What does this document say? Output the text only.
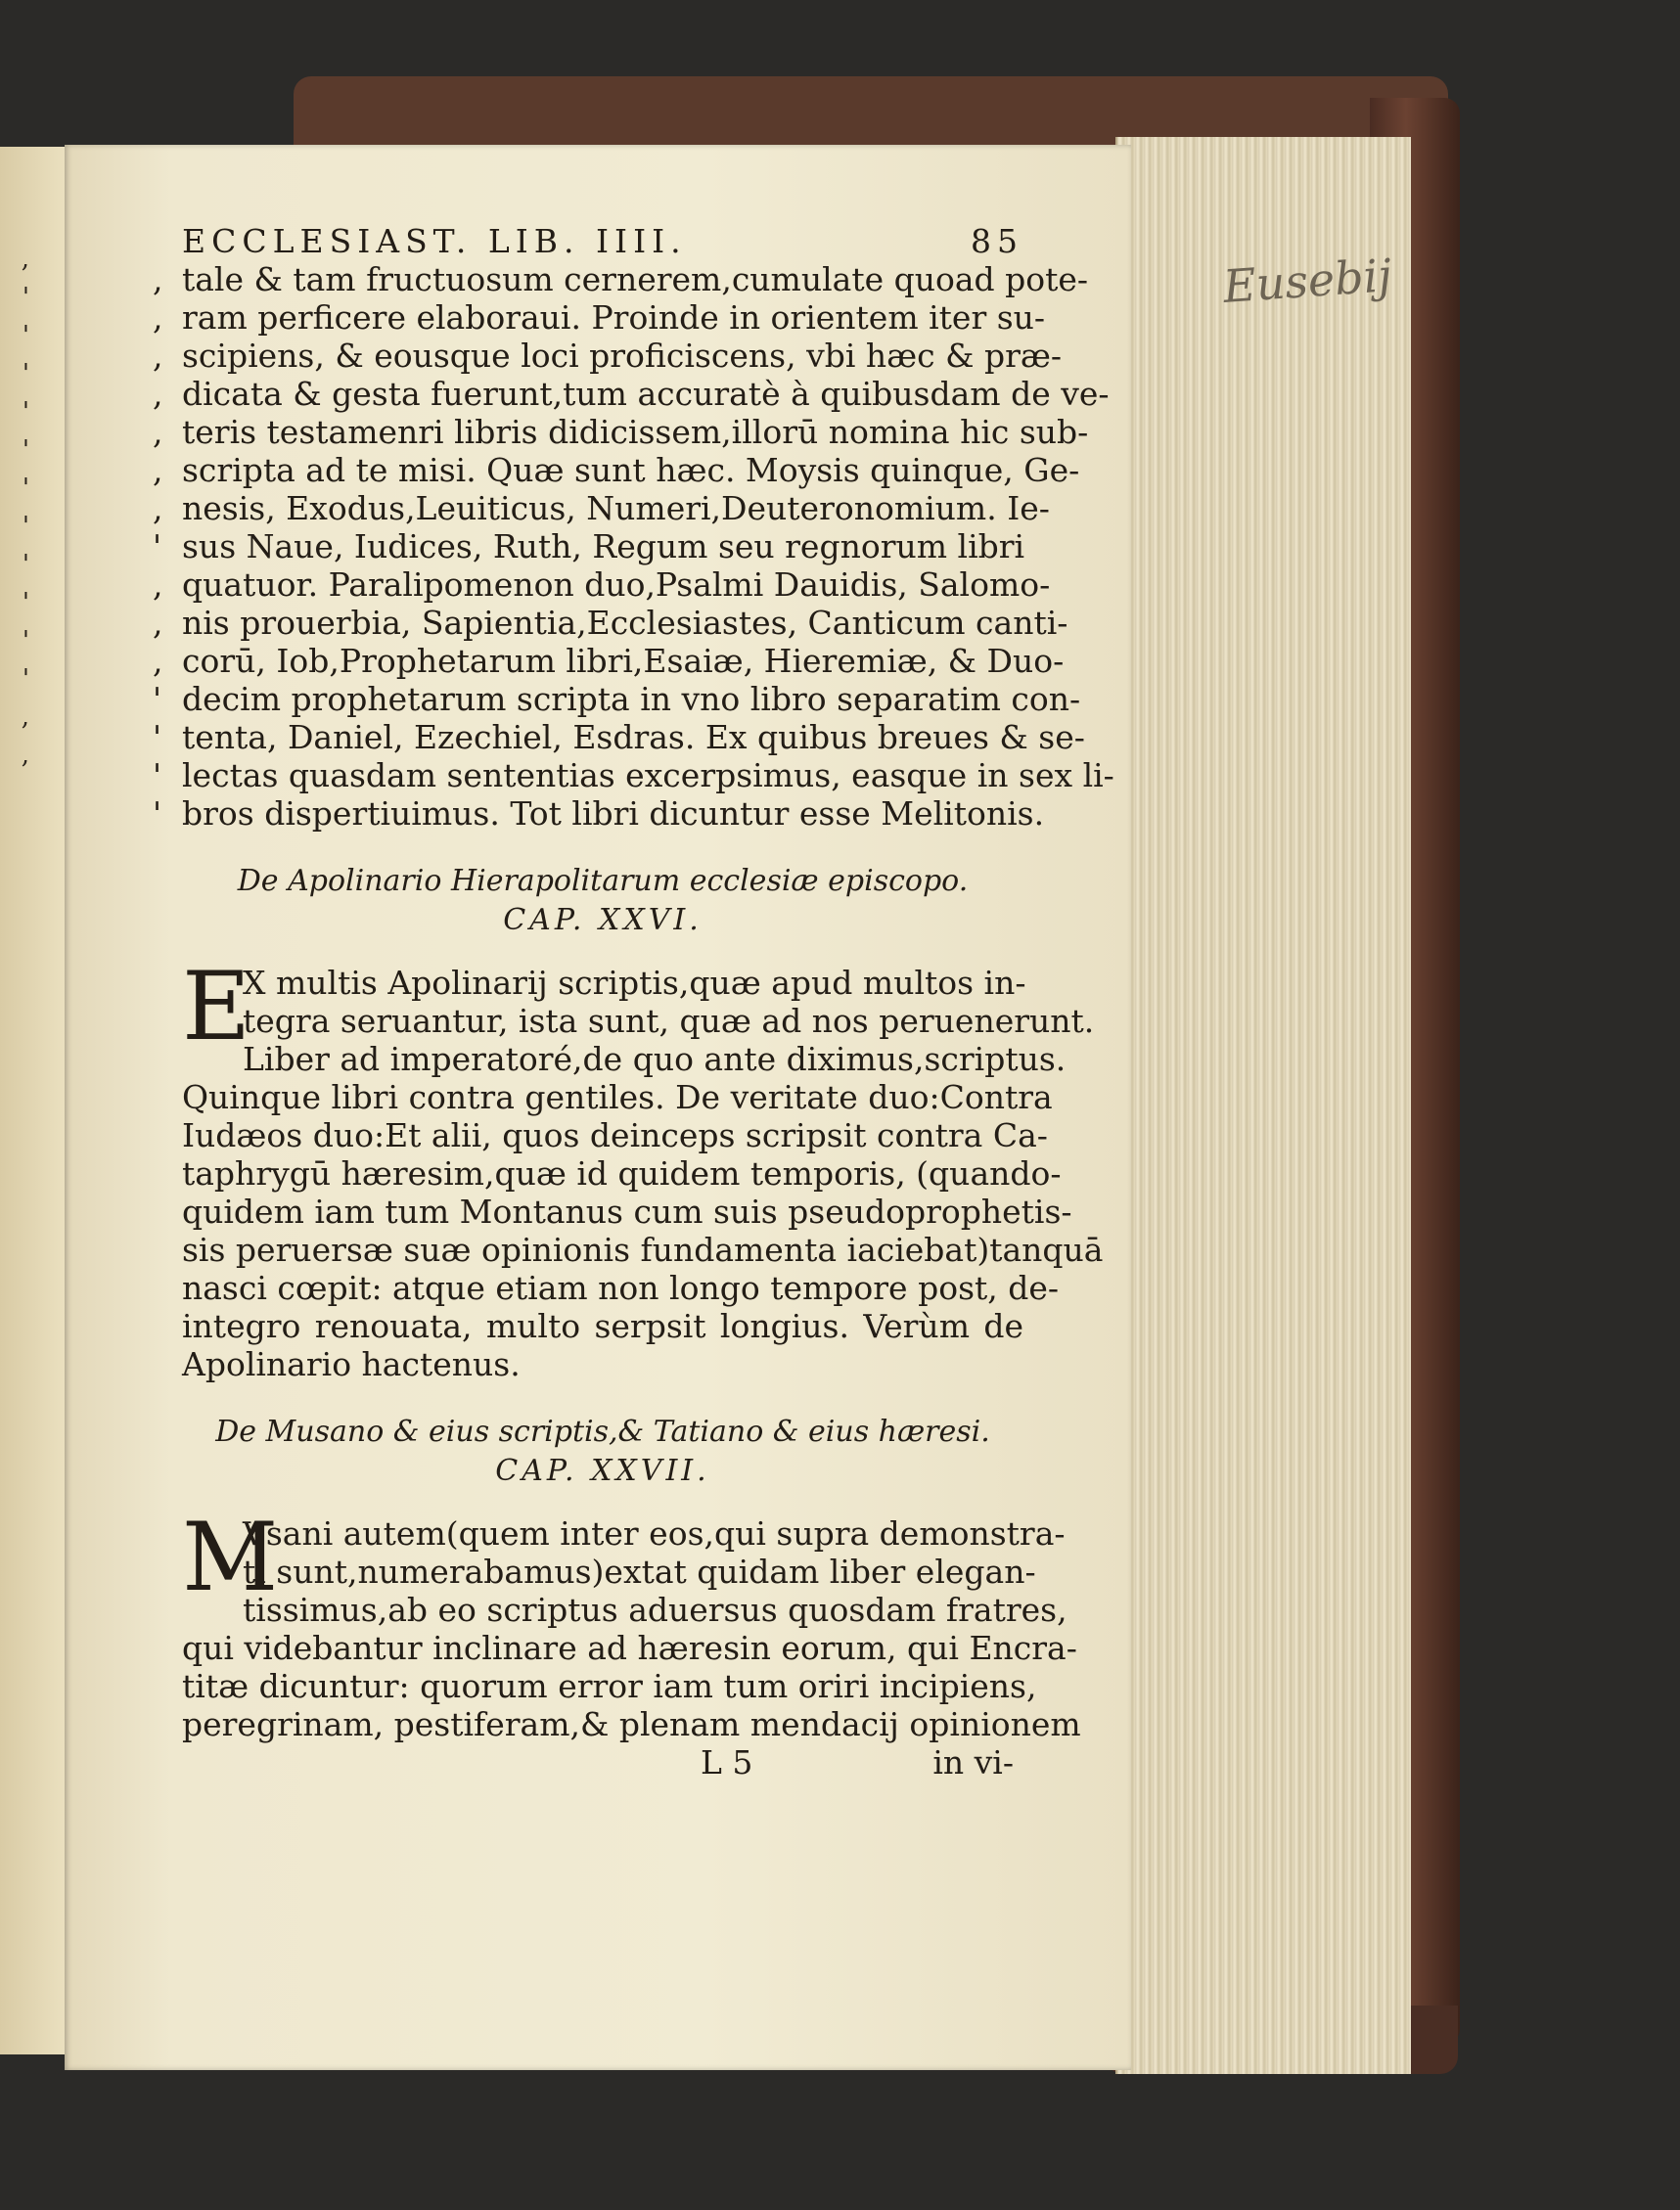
,
'
'
'
'
'
'
'
'
'
'
'
,
,
Eusebij
ECCLESIAST. LIB. IIII.	85
, tale & tam fructuosum cernerem,cumulate quoad pote-
, ram perficere elaboraui. Proinde in orientem iter su-
, scipiens, & eousque loci proficiscens, vbi hæc & præ-
, dicata & gesta fuerunt,tum accuratè à quibusdam de ve-
, teris testamenri libris didicissem,illorū nomina hic sub-
, scripta ad te misi. Quæ sunt hæc. Moysis quinque, Ge-
, nesis, Exodus,Leuiticus, Numeri,Deuteronomium. Ie-
' sus Naue, Iudices, Ruth, Regum seu regnorum libri
, quatuor. Paralipomenon duo,Psalmi Dauidis, Salomo-
, nis prouerbia, Sapientia,Ecclesiastes, Canticum canti-
, corū, Iob,Prophetarum libri,Esaiæ, Hieremiæ, & Duo-
' decim prophetarum scripta in vno libro separatim con-
' tenta, Daniel, Ezechiel, Esdras. Ex quibus breues & se-
' lectas quasdam sententias excerpsimus, easque in sex li-
' bros dispertiuimus. Tot libri dicuntur esse Melitonis.
De Apolinario Hierapolitarum ecclesiæ episcopo.
CAP. XXVI.
E
X multis Apolinarij scriptis,quæ apud multos in-
tegra seruantur, ista sunt, quæ ad nos peruenerunt.
Liber ad imperatoré,de quo ante diximus,scriptus.
Quinque libri contra gentiles. De veritate duo:Contra
Iudæos duo:Et alii, quos deinceps scripsit contra Ca-
taphrygū hæresim,quæ id quidem temporis, (quando-
quidem iam tum Montanus cum suis pseudoprophetis-
sis peruersæ suæ opinionis fundamenta iaciebat)tanquā
nasci cœpit: atque etiam non longo tempore post, de-
integro renouata, multo serpsit longius. Verùm de
Apolinario hactenus.
De Musano & eius scriptis,& Tatiano & eius hæresi.
CAP. XXVII.
M
Vsani autem(quem inter eos,qui supra demonstra-
ti sunt,numerabamus)extat quidam liber elegan-
tissimus,ab eo scriptus aduersus quosdam fratres,
qui videbantur inclinare ad hæresin eorum, qui Encra-
titæ dicuntur: quorum error iam tum oriri incipiens,
peregrinam, pestiferam,& plenam mendacij opinionem
L 5	in vi-
